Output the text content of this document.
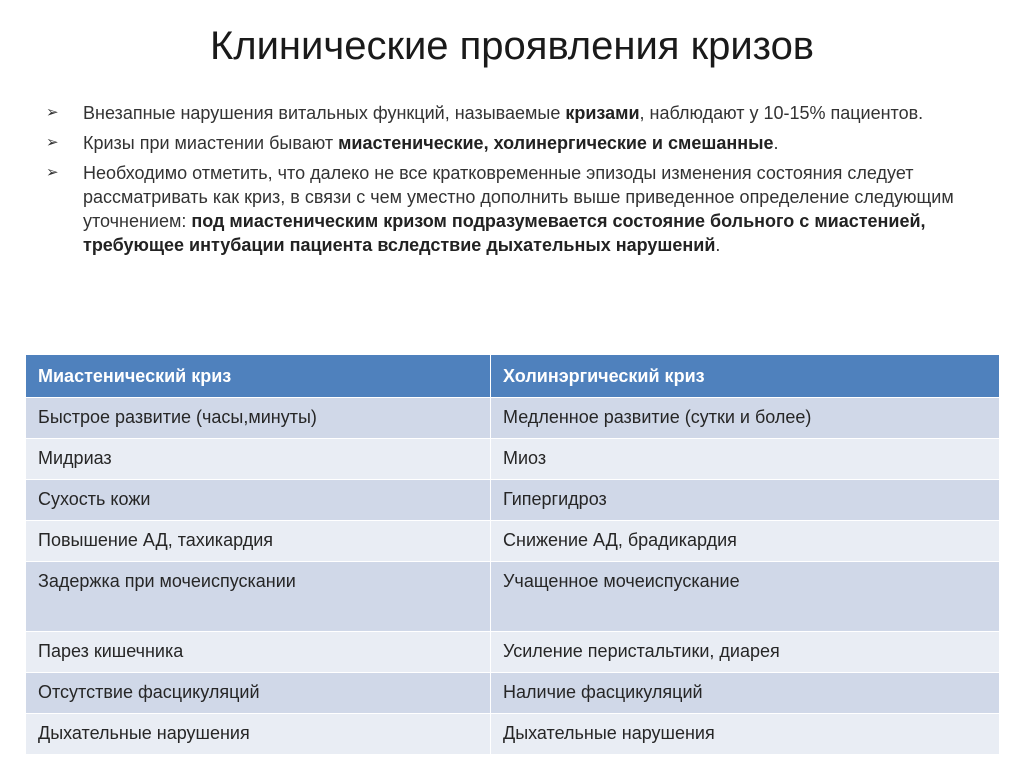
Клинические проявления кризов
➢ Внезапные нарушения витальных функций, называемые кризами, наблюдают у 10-15% пациентов.
➢ Кризы при миастении бывают миастенические, холинергические и смешанные.
➢ Необходимо отметить, что далеко не все кратковременные эпизоды изменения состояния следует рассматривать как криз, в связи с чем уместно дополнить выше приведенное определение следующим уточнением: под миастеническим кризом подразумевается состояние больного с миастенией, требующее интубации пациента вследствие дыхательных нарушений.
Миастенический криз	Холинэргический криз
Быстрое развитие (часы,минуты)	Медленное развитие (сутки и более)
Мидриаз	Миоз
Сухость кожи	Гипергидроз
Повышение АД, тахикардия	Снижение АД, брадикардия
Задержка при мочеиспускании	Учащенное мочеиспускание
Парез кишечника	Усиление перистальтики, диарея
Отсутствие фасцикуляций	Наличие фасцикуляций
Дыхательные нарушения	Дыхательные нарушения
